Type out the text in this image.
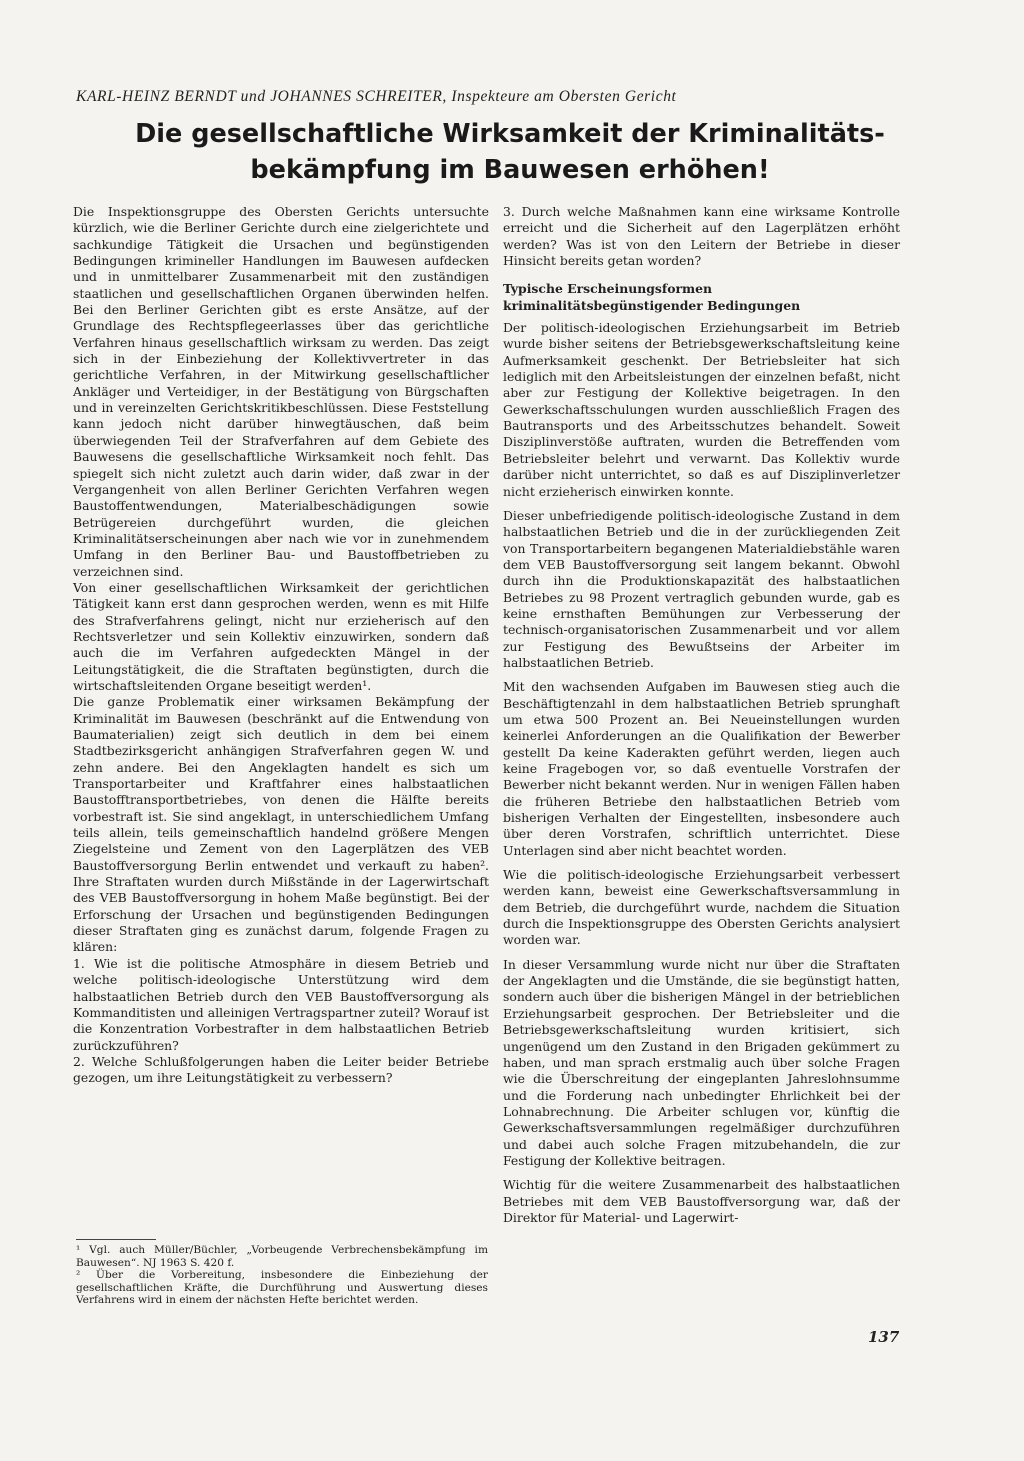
KARL-HEINZ BERNDT und JOHANNES SCHREITER, Inspekteure am Obersten Gericht
Die gesellschaftliche Wirksamkeit der Kriminalitäts-
bekämpfung im Bauwesen erhöhen!

Die Inspektionsgruppe des Obersten Gerichts untersuchte kürzlich, wie die Berliner Gerichte durch eine zielgerichtete und sachkundige Tätigkeit die Ursachen und begünstigenden Bedingungen krimineller Handlungen im Bauwesen aufdecken und in unmittelbarer Zusammenarbeit mit den zuständigen staatlichen und gesellschaftlichen Organen überwinden helfen. Bei den Berliner Gerichten gibt es erste Ansätze, auf der Grundlage des Rechtspflegeerlasses über das gerichtliche Verfahren hinaus gesellschaftlich wirksam zu werden. Das zeigt sich in der Einbeziehung der Kollektivvertreter in das gerichtliche Verfahren, in der Mitwirkung gesellschaftlicher Ankläger und Verteidiger, in der Bestätigung von Bürgschaften und in vereinzelten Gerichtskritikbeschlüssen. Diese Feststellung kann jedoch nicht darüber hinwegtäuschen, daß beim überwiegenden Teil der Strafverfahren auf dem Gebiete des Bauwesens die gesellschaftliche Wirksamkeit noch fehlt. Das spiegelt sich nicht zuletzt auch darin wider, daß zwar in der Vergangenheit von allen Berliner Gerichten Verfahren wegen Baustoffentwendungen, Materialbeschädigungen sowie Betrügereien durchgeführt wurden, die gleichen Kriminalitätserscheinungen aber nach wie vor in zunehmendem Umfang in den Berliner Bau- und Baustoffbetrieben zu verzeichnen sind.

Von einer gesellschaftlichen Wirksamkeit der gerichtlichen Tätigkeit kann erst dann gesprochen werden, wenn es mit Hilfe des Strafverfahrens gelingt, nicht nur erzieherisch auf den Rechtsverletzer und sein Kollektiv einzuwirken, sondern daß auch die im Verfahren aufgedeckten Mängel in der Leitungstätigkeit, die die Straftaten begünstigten, durch die wirtschaftsleitenden Organe beseitigt werden¹.

Die ganze Problematik einer wirksamen Bekämpfung der Kriminalität im Bauwesen (beschränkt auf die Entwendung von Baumaterialien) zeigt sich deutlich in dem bei einem Stadtbezirksgericht anhängigen Strafverfahren gegen W. und zehn andere. Bei den Angeklagten handelt es sich um Transportarbeiter und Kraftfahrer eines halbstaatlichen Baustofftransportbetriebes, von denen die Hälfte bereits vorbestraft ist. Sie sind angeklagt, in unterschiedlichem Umfang teils allein, teils gemeinschaftlich handelnd größere Mengen Ziegelsteine und Zement von den Lagerplätzen des VEB Baustoffversorgung Berlin entwendet und verkauft zu haben². Ihre Straftaten wurden durch Mißstände in der Lagerwirtschaft des VEB Baustoffversorgung in hohem Maße begünstigt. Bei der Erforschung der Ursachen und begünstigenden Bedingungen dieser Straftaten ging es zunächst darum, folgende Fragen zu klären:

1. Wie ist die politische Atmosphäre in diesem Betrieb und welche politisch-ideologische Unterstützung wird dem halbstaatlichen Betrieb durch den VEB Baustoffversorgung als Kommanditisten und alleinigen Vertragspartner zuteil? Worauf ist die Konzentration Vorbestrafter in dem halbstaatlichen Betrieb zurückzuführen?

2. Welche Schlußfolgerungen haben die Leiter beider Betriebe gezogen, um ihre Leitungstätigkeit zu verbessern?

¹ Vgl. auch Müller/Büchler, „Vorbeugende Verbrechensbekämpfung im Bauwesen“. NJ 1963 S. 420 f.

² Über die Vorbereitung, insbesondere die Einbeziehung der gesellschaftlichen Kräfte, die Durchführung und Auswertung dieses Verfahrens wird in einem der nächsten Hefte berichtet werden.

3. Durch welche Maßnahmen kann eine wirksame Kontrolle erreicht und die Sicherheit auf den Lagerplätzen erhöht werden? Was ist von den Leitern der Betriebe in dieser Hinsicht bereits getan worden?

Typische Erscheinungsformen
kriminalitätsbegünstigender Bedingungen

Der politisch-ideologischen Erziehungsarbeit im Betrieb wurde bisher seitens der Betriebsgewerkschaftsleitung keine Aufmerksamkeit geschenkt. Der Betriebsleiter hat sich lediglich mit den Arbeitsleistungen der einzelnen befaßt, nicht aber zur Festigung der Kollektive beigetragen. In den Gewerkschaftsschulungen wurden ausschließlich Fragen des Bautransports und des Arbeitsschutzes behandelt. Soweit Disziplinverstöße auftraten, wurden die Betreffenden vom Betriebsleiter belehrt und verwarnt. Das Kollektiv wurde darüber nicht unterrichtet, so daß es auf Disziplinverletzer nicht erzieherisch einwirken konnte.

Dieser unbefriedigende politisch-ideologische Zustand in dem halbstaatlichen Betrieb und die in der zurückliegenden Zeit von Transportarbeitern begangenen Materialdiebstähle waren dem VEB Baustoffversorgung seit langem bekannt. Obwohl durch ihn die Produktionskapazität des halbstaatlichen Betriebes zu 98 Prozent vertraglich gebunden wurde, gab es keine ernsthaften Bemühungen zur Verbesserung der technisch-organisatorischen Zusammenarbeit und vor allem zur Festigung des Bewußtseins der Arbeiter im halbstaatlichen Betrieb.

Mit den wachsenden Aufgaben im Bauwesen stieg auch die Beschäftigtenzahl in dem halbstaatlichen Betrieb sprunghaft um etwa 500 Prozent an. Bei Neueinstellungen wurden keinerlei Anforderungen an die Qualifikation der Bewerber gestellt Da keine Kaderakten geführt werden, liegen auch keine Fragebogen vor, so daß eventuelle Vorstrafen der Bewerber nicht bekannt werden. Nur in wenigen Fällen haben die früheren Betriebe den halbstaatlichen Betrieb vom bisherigen Verhalten der Eingestellten, insbesondere auch über deren Vorstrafen, schriftlich unterrichtet. Diese Unterlagen sind aber nicht beachtet worden.

Wie die politisch-ideologische Erziehungsarbeit verbessert werden kann, beweist eine Gewerkschaftsversammlung in dem Betrieb, die durchgeführt wurde, nachdem die Situation durch die Inspektionsgruppe des Obersten Gerichts analysiert worden war.

In dieser Versammlung wurde nicht nur über die Straftaten der Angeklagten und die Umstände, die sie begünstigt hatten, sondern auch über die bisherigen Mängel in der betrieblichen Erziehungsarbeit gesprochen. Der Betriebsleiter und die Betriebsgewerkschaftsleitung wurden kritisiert, sich ungenügend um den Zustand in den Brigaden gekümmert zu haben, und man sprach erstmalig auch über solche Fragen wie die Überschreitung der eingeplanten Jahreslohnsumme und die Forderung nach unbedingter Ehrlichkeit bei der Lohnabrechnung. Die Arbeiter schlugen vor, künftig die Gewerkschaftsversammlungen regelmäßiger durchzuführen und dabei auch solche Fragen mitzubehandeln, die zur Festigung der Kollektive beitragen.

Wichtig für die weitere Zusammenarbeit des halbstaatlichen Betriebes mit dem VEB Baustoffversorgung war, daß der Direktor für Material- und Lagerwirt-

137
